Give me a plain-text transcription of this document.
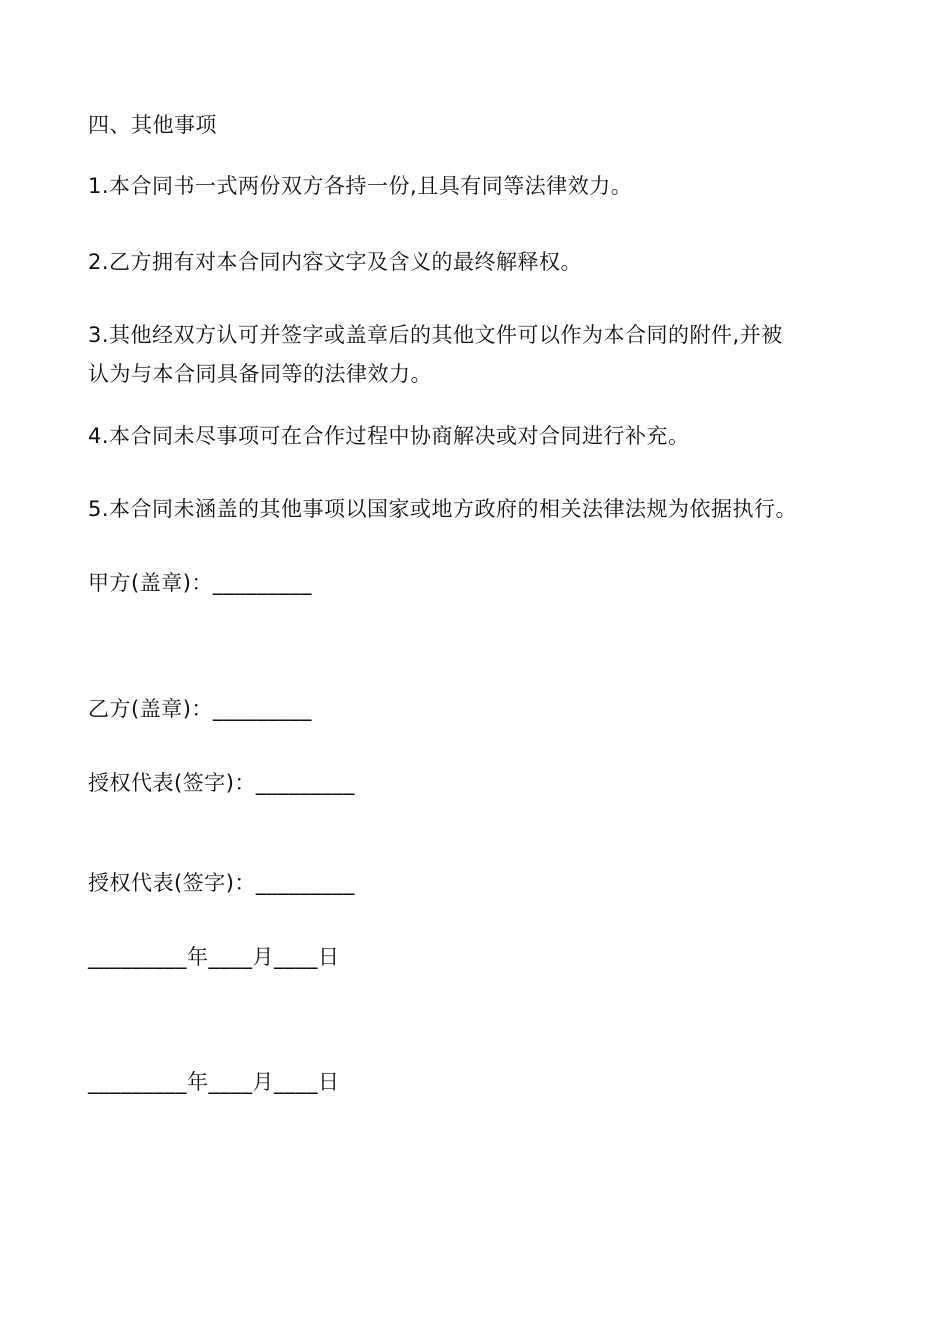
四、其他事项
1.本合同书一式两份双方各持一份,且具有同等法律效力。
2.乙方拥有对本合同内容文字及含义的最终解释权。
3.其他经双方认可并签字或盖章后的其他文件可以作为本合同的附件,并被
认为与本合同具备同等的法律效力。
4.本合同未尽事项可在合作过程中协商解决或对合同进行补充。
5.本合同未涵盖的其他事项以国家或地方政府的相关法律法规为依据执行。
甲方(盖章)：_________
乙方(盖章)：_________
授权代表(签字)：_________
授权代表(签字)：_________
_________年____月____日
_________年____月____日
